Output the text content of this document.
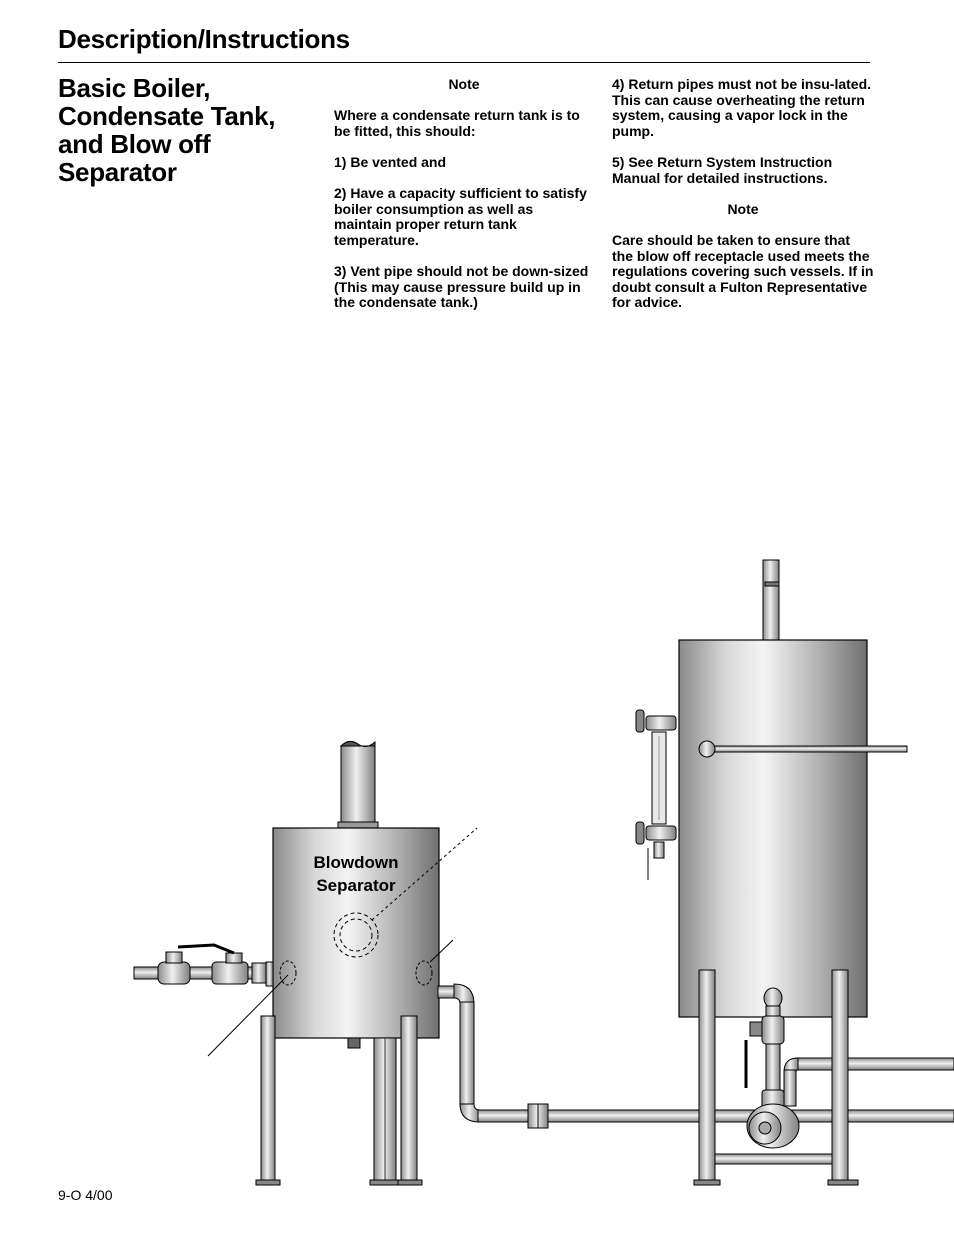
Description/Instructions
Basic Boiler,
Condensate Tank,
and Blow off
Separator

Note

Where a condensate return tank is to be fitted, this should:

1) Be vented and

2) Have a capacity sufficient to satisfy boiler consumption as well as maintain proper return tank temperature.

3) Vent pipe should not be down-sized (This may cause pressure build up in the condensate tank.)

4) Return pipes must not be insu-lated. This can cause overheating the return system, causing a vapor lock in the pump.

5) See Return System Instruction Manual for detailed instructions.

Note

Care should be taken to ensure that the blow off receptacle used meets the regulations covering such vessels. If in doubt consult a Fulton Representative for advice.

Blowdown
Separator
9-O 4/00
